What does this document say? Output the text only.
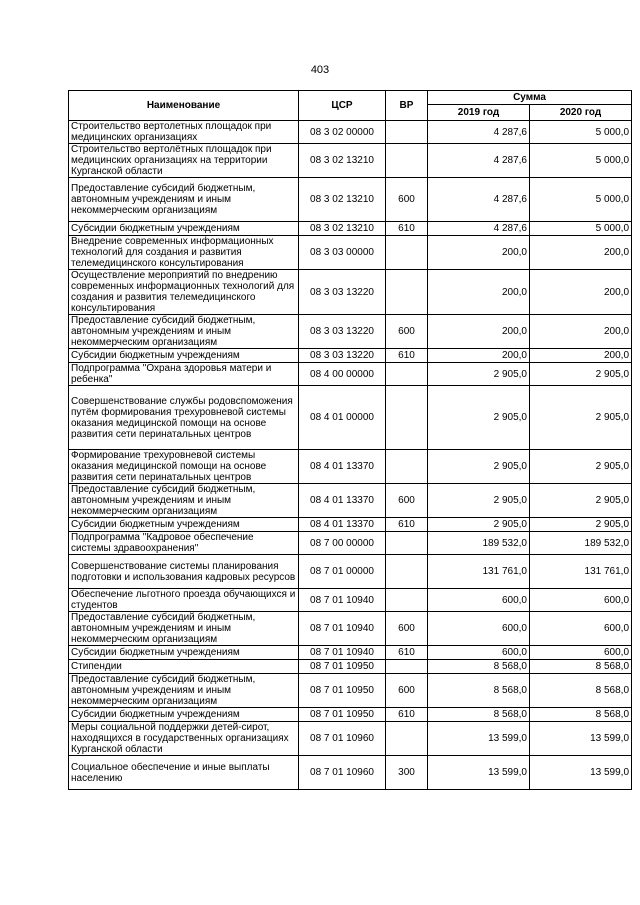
403
Наименование	ЦСР	ВР	Сумма	
			2019 год	2020 год
Строительство вертолетных площадок при медицинских организациях	08 3 02 00000		4 287,6	5 000,0
Строительство вертолётных площадок при медицинских организациях на территории Курганской области	08 3 02 13210		4 287,6	5 000,0
Предоставление субсидий бюджетным, автономным учреждениям и иным некоммерческим организациям	08 3 02 13210	600	4 287,6	5 000,0
Субсидии бюджетным учреждениям	08 3 02 13210	610	4 287,6	5 000,0
Внедрение современных информационных технологий для создания и развития телемедицинского консультирования	08 3 03 00000		200,0	200,0
Осуществление мероприятий по внедрению современных информационных технологий для создания и развития телемедицинского консультирования	08 3 03 13220		200,0	200,0
Предоставление субсидий бюджетным, автономным учреждениям и иным некоммерческим организациям	08 3 03 13220	600	200,0	200,0
Субсидии бюджетным учреждениям	08 3 03 13220	610	200,0	200,0
Подпрограмма "Охрана здоровья матери и ребенка"	08 4 00 00000		2 905,0	2 905,0
Совершенствование службы родовспоможения путём формирования трехуровневой системы оказания медицинской помощи на основе развития сети перинатальных центров	08 4 01 00000		2 905,0	2 905,0
Формирование трехуровневой системы оказания медицинской помощи на основе развития сети перинатальных центров	08 4 01 13370		2 905,0	2 905,0
Предоставление субсидий бюджетным, автономным учреждениям и иным некоммерческим организациям	08 4 01 13370	600	2 905,0	2 905,0
Субсидии бюджетным учреждениям	08 4 01 13370	610	2 905,0	2 905,0
Подпрограмма "Кадровое обеспечение системы здравоохранения"	08 7 00 00000		189 532,0	189 532,0
Совершенствование системы планирования подготовки и использования кадровых ресурсов	08 7 01 00000		131 761,0	131 761,0
Обеспечение льготного проезда обучающихся и студентов	08 7 01 10940		600,0	600,0
Предоставление субсидий бюджетным, автономным учреждениям и иным некоммерческим организациям	08 7 01 10940	600	600,0	600,0
Субсидии бюджетным учреждениям	08 7 01 10940	610	600,0	600,0
Стипендии	08 7 01 10950		8 568,0	8 568,0
Предоставление субсидий бюджетным, автономным учреждениям и иным некоммерческим организациям	08 7 01 10950	600	8 568,0	8 568,0
Субсидии бюджетным учреждениям	08 7 01 10950	610	8 568,0	8 568,0
Меры социальной поддержки детей-сирот, находящихся в государственных организациях Курганской области	08 7 01 10960		13 599,0	13 599,0
Социальное обеспечение и иные выплаты населению	08 7 01 10960	300	13 599,0	13 599,0
